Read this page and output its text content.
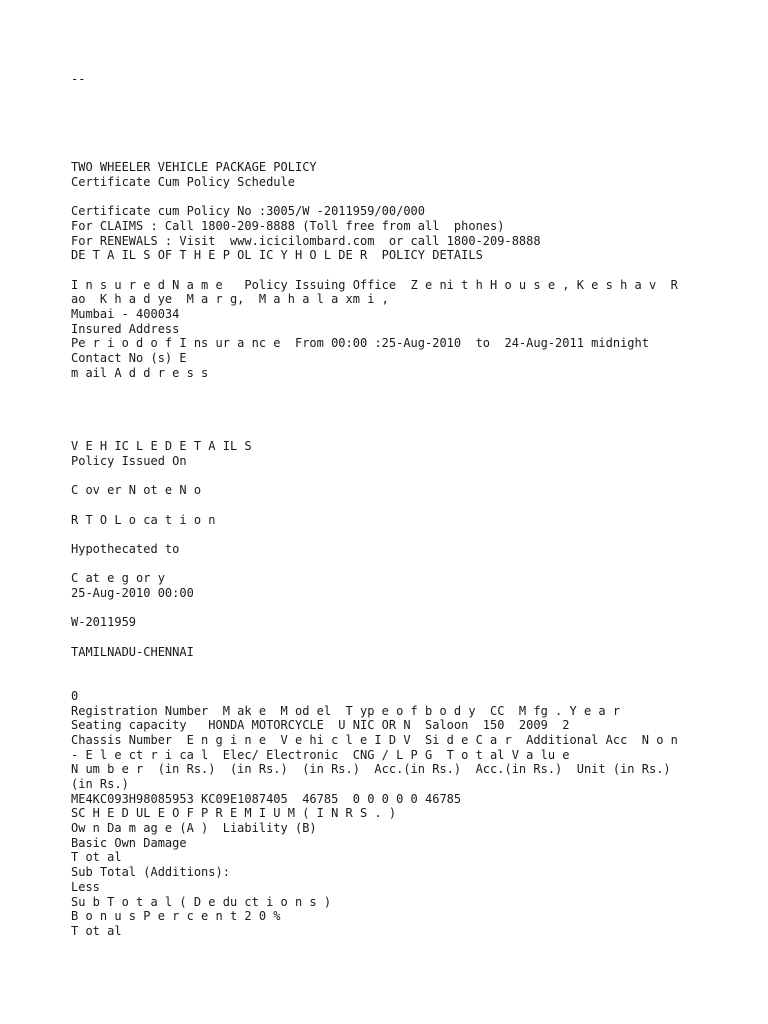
--
TWO WHEELER VEHICLE PACKAGE POLICY
Certificate Cum Policy Schedule
Certificate cum Policy No :3005/W -2011959/00/000
For CLAIMS : Call 1800-209-8888 (Toll free from all  phones)
For RENEWALS : Visit  www.icicilombard.com  or call 1800-209-8888
DE T A IL S OF T H E P OL IC Y H O L DE R  POLICY DETAILS
I n s u r e d N a m e   Policy Issuing Office  Z e ni t h H o u s e , K e s h a v  R
ao  K h a d ye  M a r g,  M a h a l a xm i ,
Mumbai - 400034
Insured Address
Pe r i o d o f I ns ur a nc e  From 00:00 :25-Aug-2010  to  24-Aug-2011 midnight
Contact No (s) E
m ail A d d r e s s
V E H IC L E D E T A IL S
Policy Issued On
C ov er N ot e N o
R T O L o ca t i o n
Hypothecated to
C at e g or y
25-Aug-2010 00:00
W-2011959
TAMILNADU-CHENNAI
0
Registration Number  M ak e  M od el  T yp e o f b o d y  CC  M fg . Y e a r
Seating capacity   HONDA MOTORCYCLE  U NIC OR N  Saloon  150  2009  2
Chassis Number  E n g i n e  V e hi c l e I D V  Si d e C a r  Additional Acc  N o n
- E l e ct r i ca l  Elec/ Electronic  CNG / L P G  T o t al V a lu e
N um b e r  (in Rs.)  (in Rs.)  (in Rs.)  Acc.(in Rs.)  Acc.(in Rs.)  Unit (in Rs.)
(in Rs.)
ME4KC093H98085953 KC09E1087405  46785  0 0 0 0 0 46785
SC H E D UL E O F P R E M I U M ( I N R S . )
Ow n Da m ag e (A )  Liability (B)
Basic Own Damage
T ot al
Sub Total (Additions):
Less
Su b T o t a l ( D e du ct i o n s )
B o n u s P e r c e n t 2 0 %
T ot al
